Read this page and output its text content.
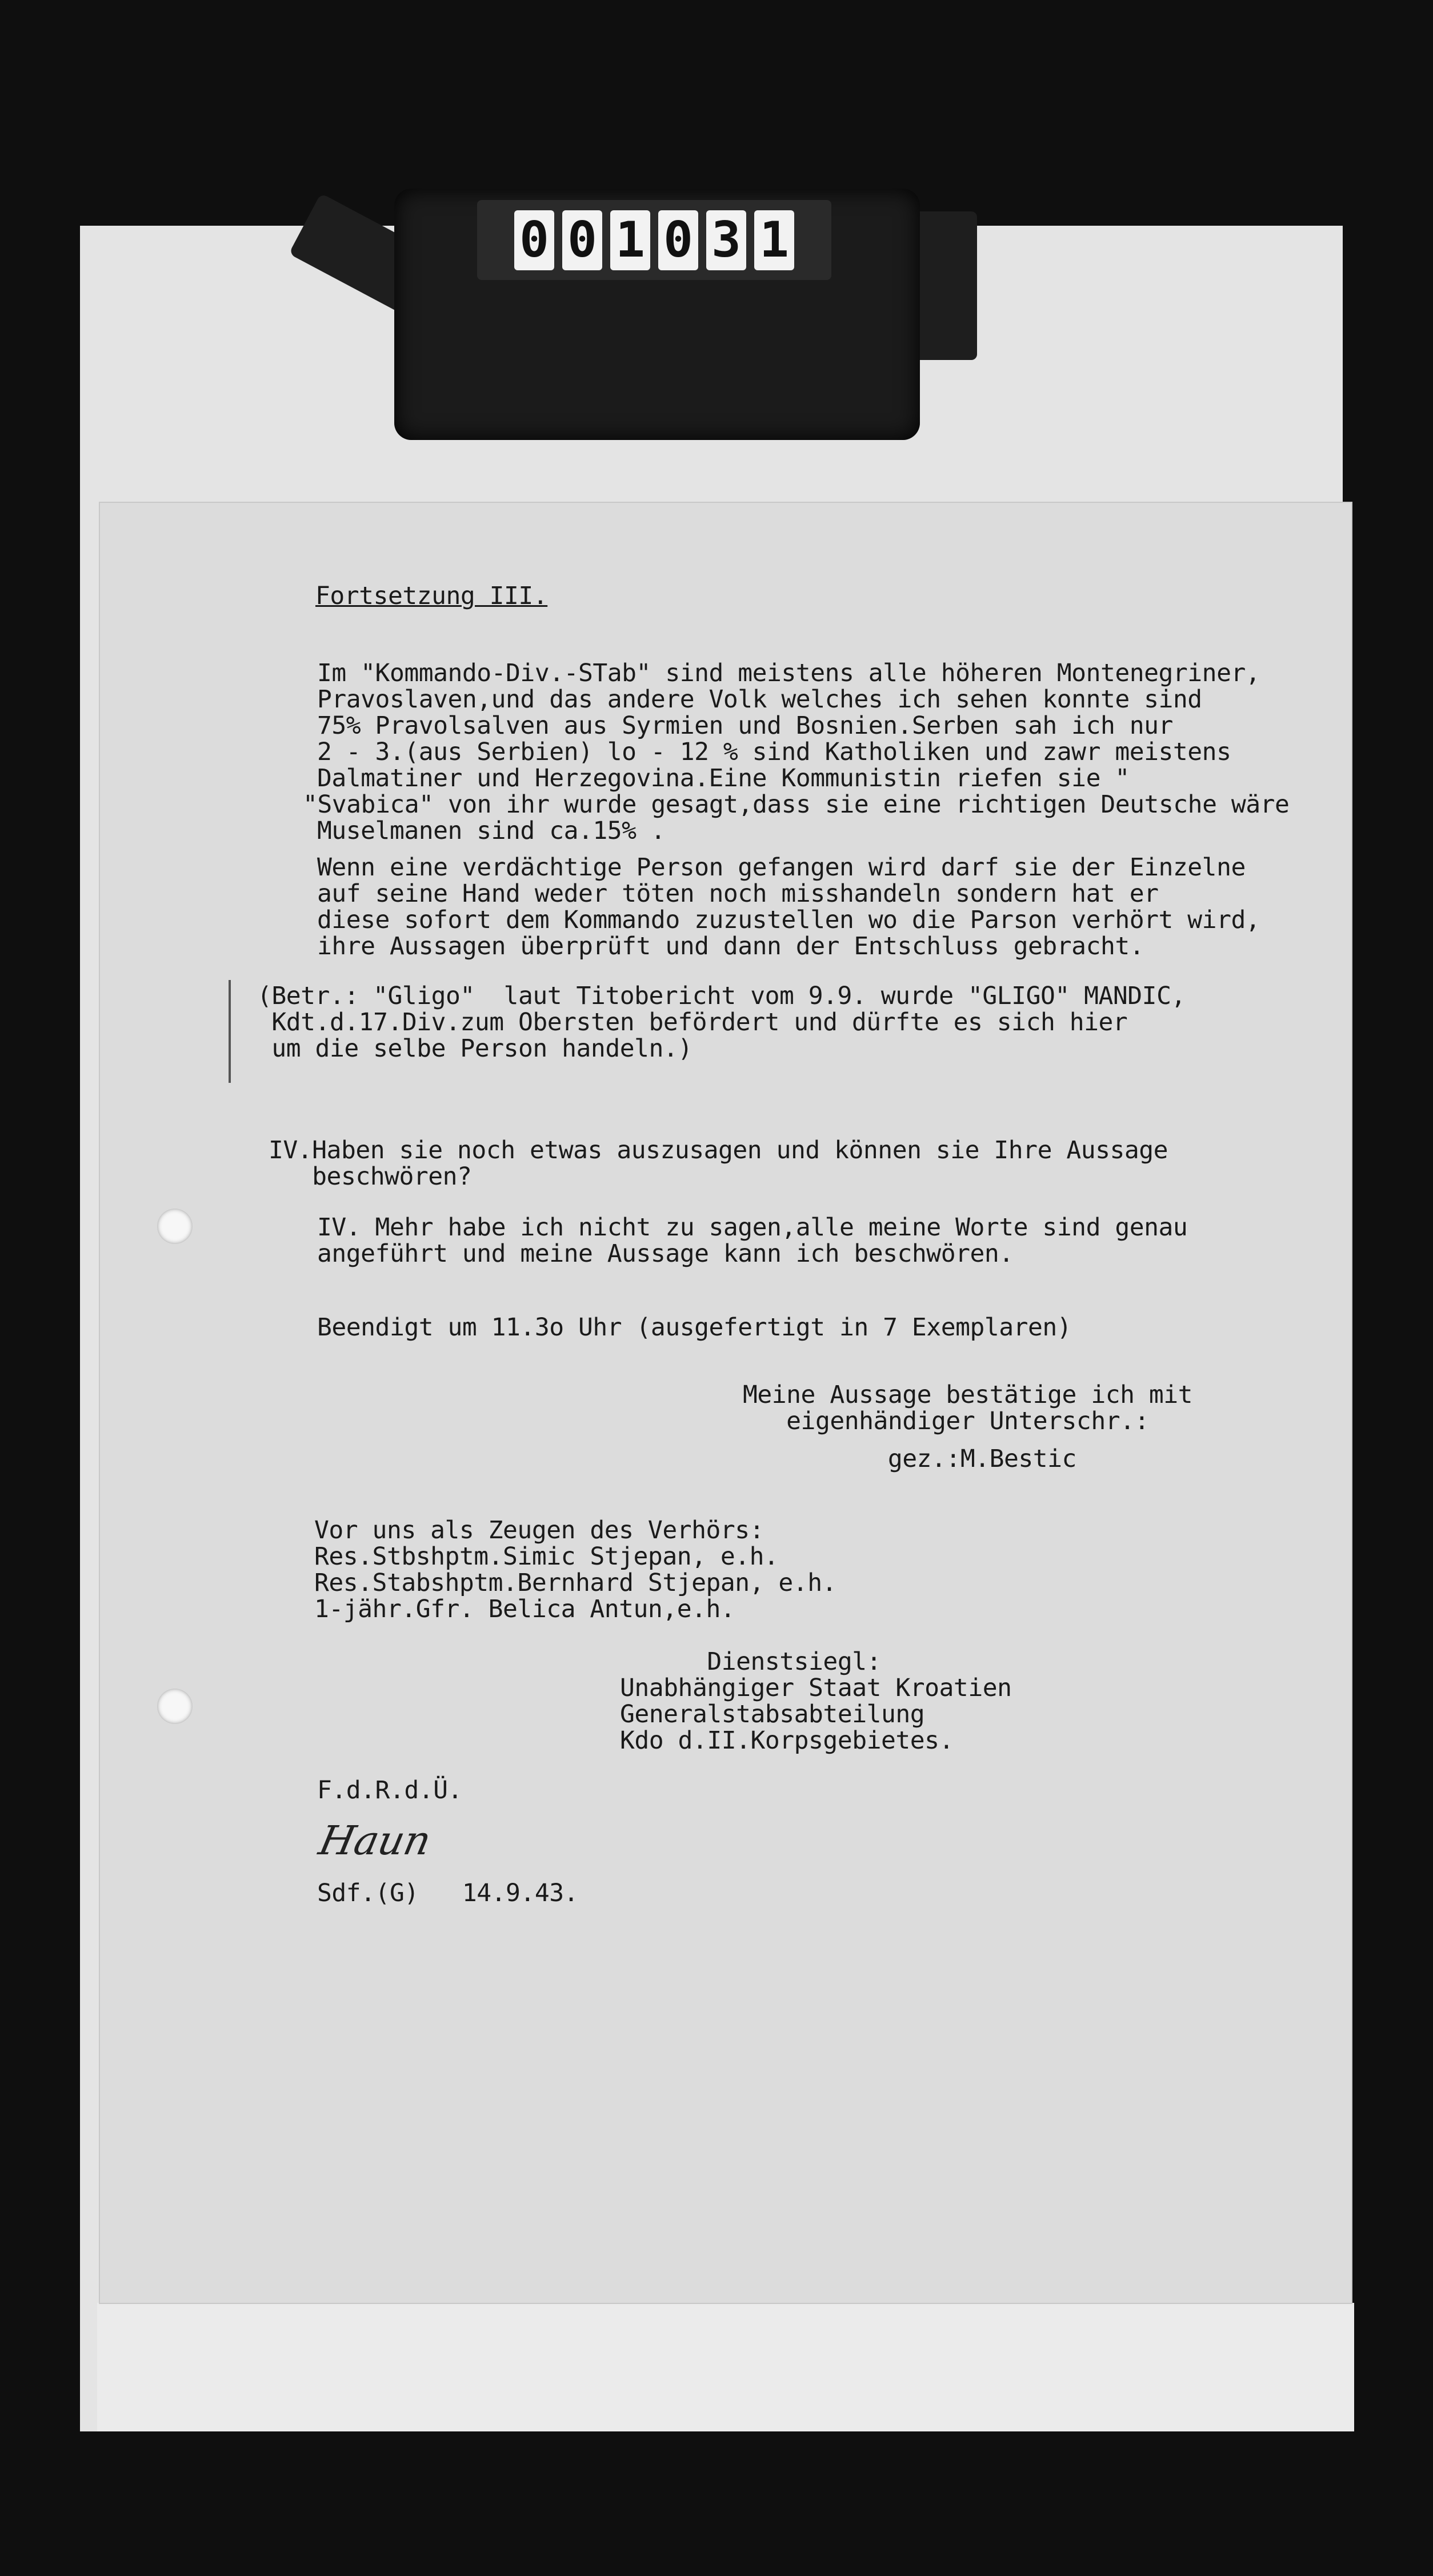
0 0 1 0 3 1

Fortsetzung III.

Im "Kommando-Div.-STab" sind meistens alle höheren Montenegriner,

Pravoslaven,und das andere Volk welches ich sehen konnte sind

75% Pravolsalven aus Syrmien und Bosnien.Serben sah ich nur

2 - 3.(aus Serbien) lo - 12 % sind Katholiken und zawr meistens

Dalmatiner und Herzegovina.Eine Kommunistin riefen sie "

"Svabica" von ihr wurde gesagt,dass sie eine richtigen Deutsche wäre

Muselmanen sind ca.15% .

Wenn eine verdächtige Person gefangen wird darf sie der Einzelne

auf seine Hand weder töten noch misshandeln sondern hat er

diese sofort dem Kommando zuzustellen wo die Parson verhört wird,

ihre Aussagen überprüft und dann der Entschluss gebracht.

(Betr.: "Gligo"  laut Titobericht vom 9.9. wurde "GLIGO" MANDIC,

Kdt.d.17.Div.zum Obersten befördert und dürfte es sich hier

um die selbe Person handeln.)

IV.Haben sie noch etwas auszusagen und können sie Ihre Aussage

beschwören?

IV. Mehr habe ich nicht zu sagen,alle meine Worte sind genau

angeführt und meine Aussage kann ich beschwören.

Beendigt um 11.3o Uhr (ausgefertigt in 7 Exemplaren)

Meine Aussage bestätige ich mit

eigenhändiger Unterschr.:

gez.:M.Bestic

Vor uns als Zeugen des Verhörs:

Res.Stbshptm.Simic Stjepan, e.h.

Res.Stabshptm.Bernhard Stjepan, e.h.

1-jähr.Gfr. Belica Antun,e.h.

Dienstsiegl:

Unabhängiger Staat Kroatien

Generalstabsabteilung

Kdo d.II.Korpsgebietes.

F.d.R.d.Ü.

Haun

Sdf.(G)   14.9.43.
